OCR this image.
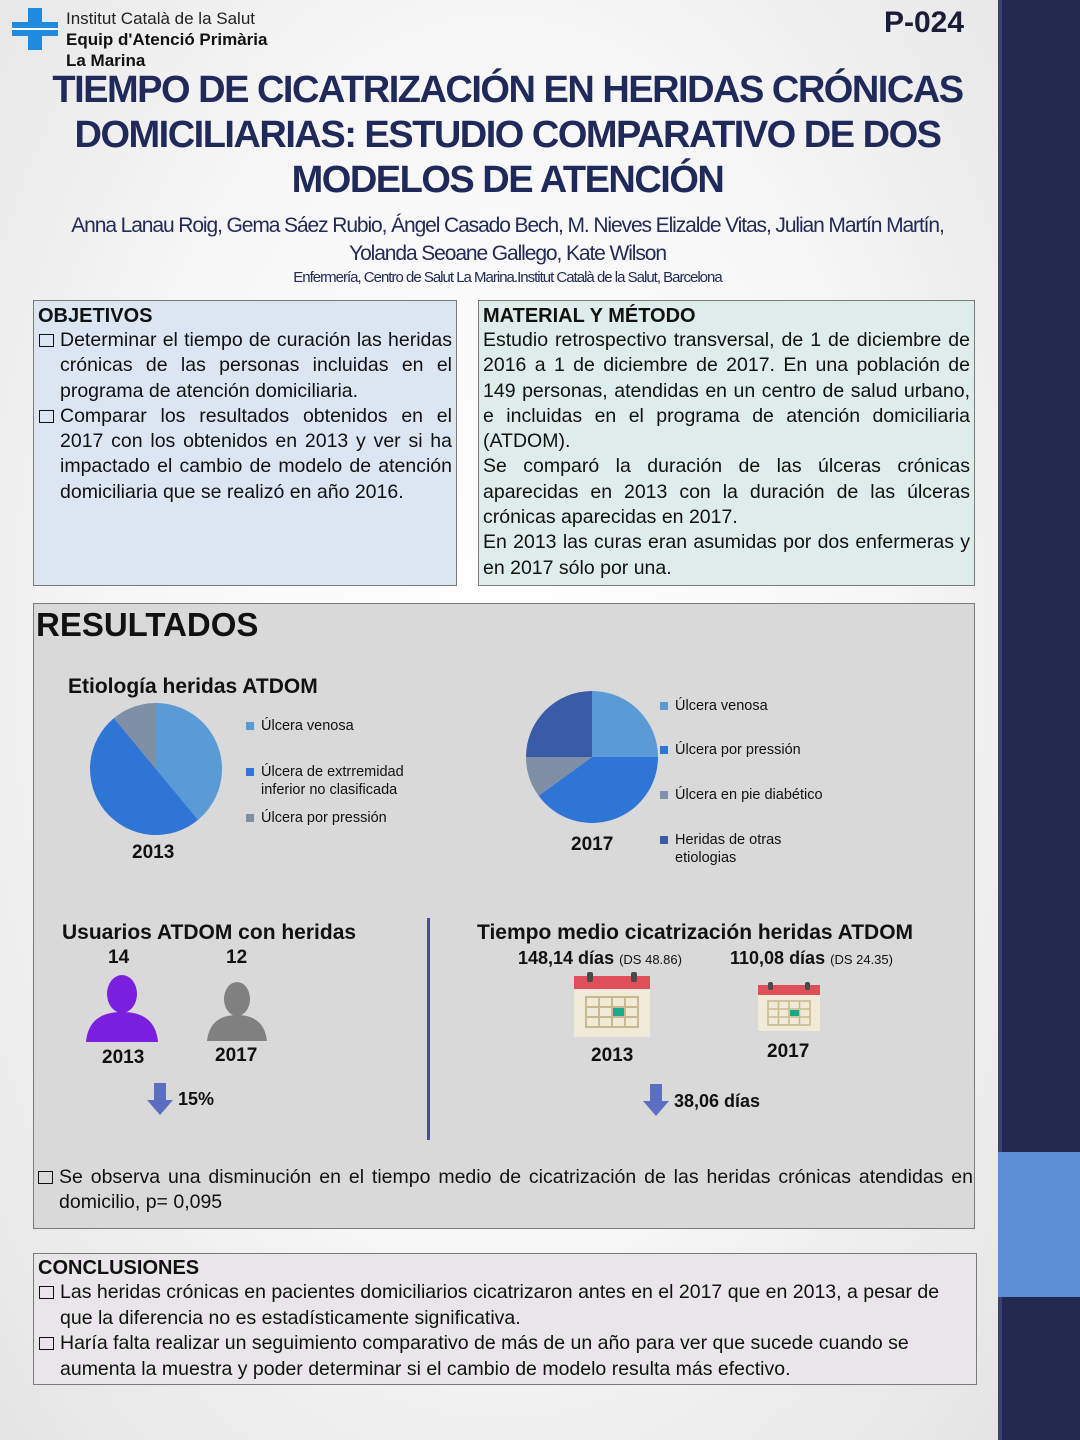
Institut Català de la Salut
Equip d'Atenció Primària
La Marina
P-024
TIEMPO DE CICATRIZACIÓN EN HERIDAS CRÓNICAS DOMICILIARIAS: ESTUDIO COMPARATIVO DE DOS MODELOS DE ATENCIÓN
Anna Lanau Roig, Gema Sáez Rubio, Ángel Casado Bech, M. Nieves Elizalde Vitas, Julian Martín Martín, Yolanda Seoane Gallego, Kate Wilson
Enfermería, Centro de Salut La Marina.Institut Català de la Salut, Barcelona
OBJETIVOS
Determinar el tiempo de curación las heridas crónicas de las personas incluidas en el programa de atención domiciliaria.
Comparar los resultados obtenidos en el 2017 con los obtenidos en 2013 y ver si ha impactado el cambio de modelo de atención domiciliaria que se realizó en año 2016.
MATERIAL Y MÉTODO

Estudio retrospectivo transversal, de 1 de diciembre de 2016 a 1 de diciembre de 2017. En una población de 149 personas, atendidas en un centro de salud urbano, e incluidas en el programa de atención domiciliaria (ATDOM).

Se comparó la duración de las úlceras crónicas aparecidas en 2013 con la duración de las úlceras crónicas aparecidas en 2017.

En 2013 las curas eran asumidas por dos enfermeras y en 2017 sólo por una.

RESULTADOS
Etiología heridas ATDOM
2013
Úlcera venosa
Úlcera de extrremidad inferior no clasificada
Úlcera por pressión
2017
Úlcera venosa
Úlcera por pressión
Úlcera en pie diabético
Heridas de otras etiologias
Usuarios ATDOM con heridas
14	12
2013	2017
15%
Tiempo medio cicatrización heridas ATDOM
148,14 días (DS 48.86)	110,08 días (DS 24.35)
2013	2017
38,06 días
Se observa una disminución en el tiempo medio de cicatrización de las heridas crónicas atendidas en domicilio, p= 0,095
CONCLUSIONES
Las heridas crónicas en pacientes domiciliarios cicatrizaron antes en el 2017 que en 2013, a pesar de que la diferencia no es estadísticamente significativa.
Haría falta realizar un seguimiento comparativo de más de un año para ver que sucede cuando se aumenta la muestra y poder determinar si el cambio de modelo resulta más efectivo.
